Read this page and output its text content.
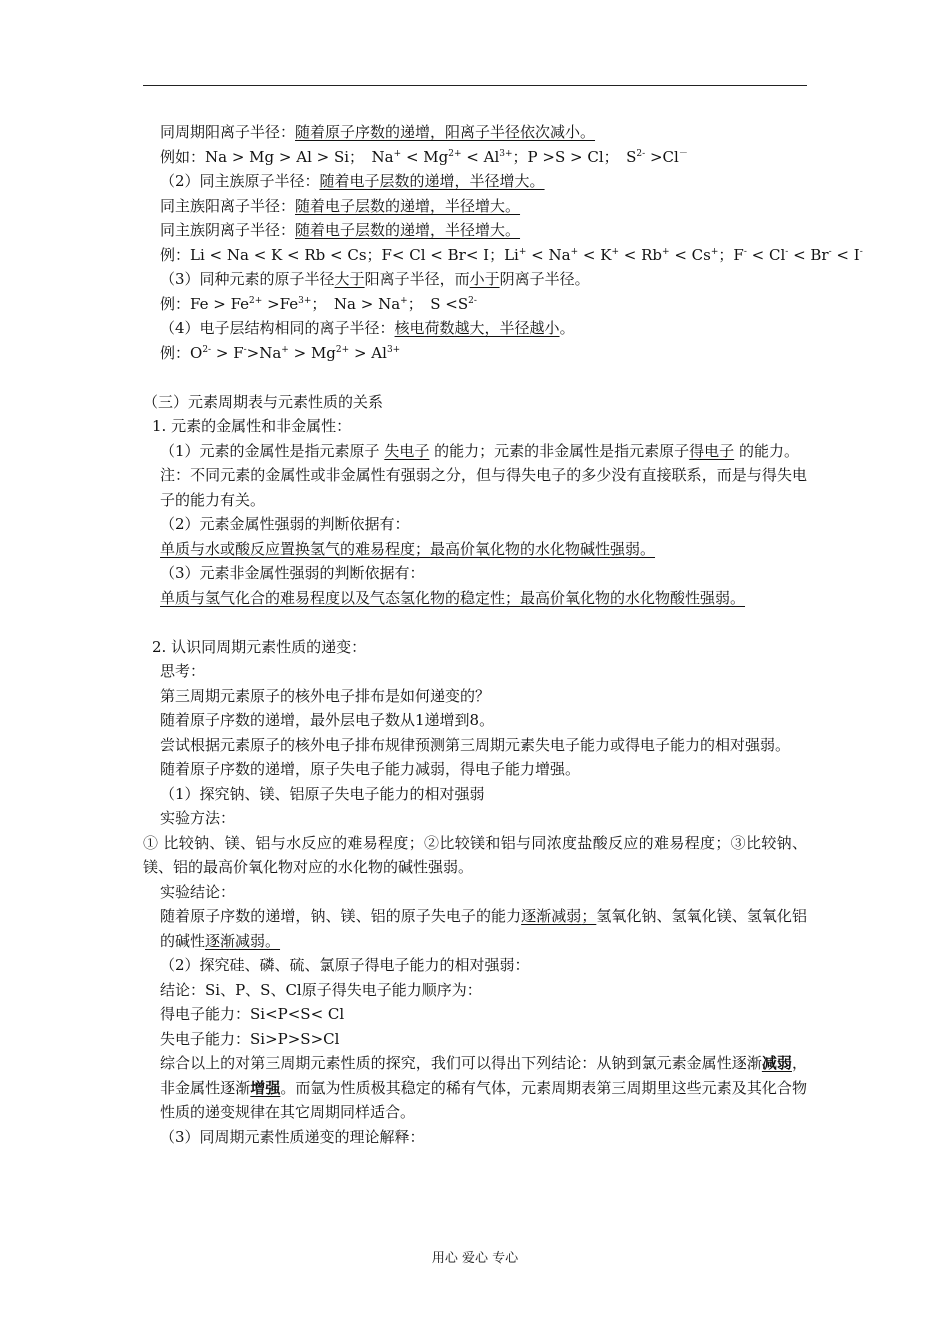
同周期阳离子半径：随着原子序数的递增，阳离子半径依次减小。
例如：Na > Mg > Al > Si；　$Na^+ < Mg^{2+} < Al^{3+}$；P >S > Cl；　$S^{2-} >Cl^-$
（2）同主族原子半径：随着电子层数的递增，半径增大。
同主族阳离子半径：随着电子层数的递增，半径增大。
同主族阴离子半径：随着电子层数的递增，半径增大。
例：Li < Na < K < Rb < Cs；F< Cl < Br< I；Li+ < Na+ < K+ < Rb+ < Cs+；F- < Cl- < Br- < I-
（3）同种元素的原子半径大于阳离子半径，而小于阴离子半径。
例：$Fe > Fe^{2+} >Fe^{3+}$；　Na > Na+；　$S <S^{2-}$
（4）电子层结构相同的离子半径：核电荷数越大，半径越小。
例：$O^{2-} > F^->Na^+ > Mg^{2+} > Al^{3+}$
（三）元素周期表与元素性质的关系
1. 元素的金属性和非金属性：
（1）元素的金属性是指元素原子 失电子 的能力；元素的非金属性是指元素原子得电子 的能力。
注：不同元素的金属性或非金属性有强弱之分，但与得失电子的多少没有直接联系，而是与得失电子的能力有关。
（2）元素金属性强弱的判断依据有：
单质与水或酸反应置换氢气的难易程度；最高价氧化物的水化物碱性强弱。
（3）元素非金属性强弱的判断依据有：
单质与氢气化合的难易程度以及气态氢化物的稳定性；最高价氧化物的水化物酸性强弱。
2. 认识同周期元素性质的递变：
思考：
第三周期元素原子的核外电子排布是如何递变的？
随着原子序数的递增，最外层电子数从1递增到8。
尝试根据元素原子的核外电子排布规律预测第三周期元素失电子能力或得电子能力的相对强弱。
随着原子序数的递增，原子失电子能力减弱，得电子能力增强。
（1）探究钠、镁、铝原子失电子能力的相对强弱
实验方法：
① 比较钠、镁、铝与水反应的难易程度；②比较镁和铝与同浓度盐酸反应的难易程度；③比较钠、镁、铝的最高价氧化物对应的水化物的碱性强弱。
实验结论：
随着原子序数的递增，钠、镁、铝的原子失电子的能力逐渐减弱；氢氧化钠、氢氧化镁、氢氧化铝的碱性逐渐减弱。
（2）探究硅、磷、硫、氯原子得电子能力的相对强弱：
结论：Si、P、S、Cl原子得失电子能力顺序为：
得电子能力：Si<P<S< Cl
失电子能力：Si>P>S>Cl
综合以上的对第三周期元素性质的探究，我们可以得出下列结论：从钠到氯元素金属性逐渐减弱，非金属性逐渐增强。而氩为性质极其稳定的稀有气体，元素周期表第三周期里这些元素及其化合物性质的递变规律在其它周期同样适合。
（3）同周期元素性质递变的理论解释：
用心 爱心 专心
